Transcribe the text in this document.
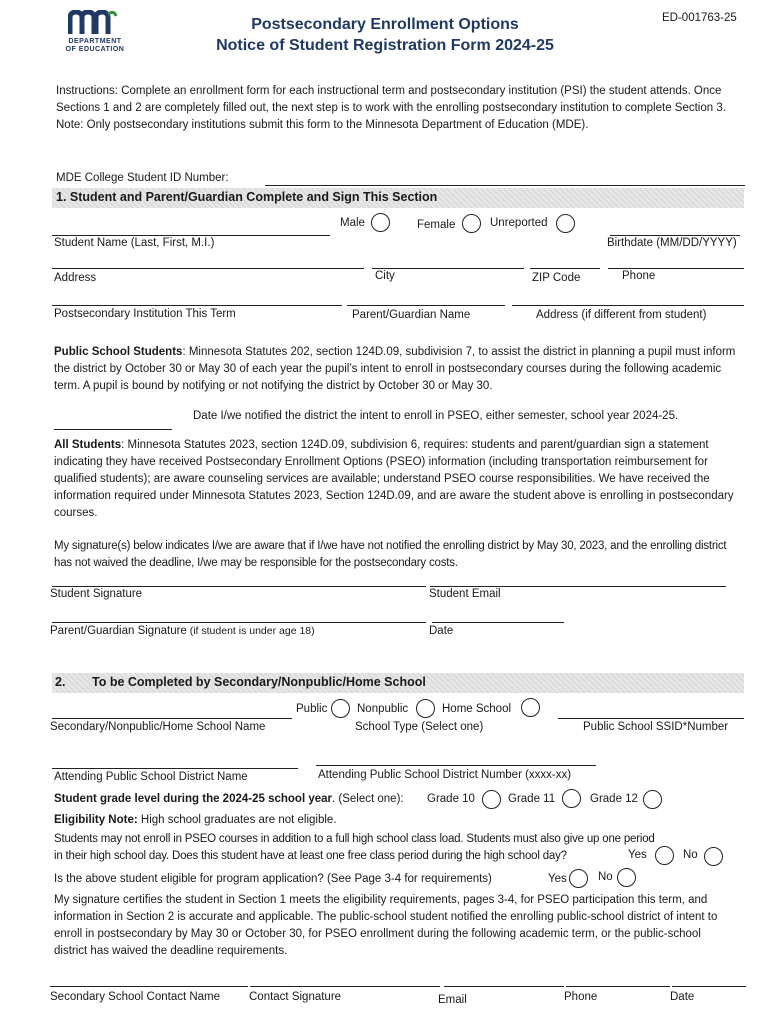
DEPARTMENT
OF EDUCATION
Postsecondary Enrollment Options
Notice of Student Registration Form 2024-25
ED-001763-25
Instructions: Complete an enrollment form for each instructional term and postsecondary institution (PSI) the student attends. Once Sections 1 and 2 are completely filled out, the next step is to work with the enrolling postsecondary institution to complete Section 3. Note: Only postsecondary institutions submit this form to the Minnesota Department of Education (MDE).
MDE College Student ID Number:
1. Student and Parent/Guardian Complete and Sign This Section
Student Name (Last, First, M.I.)
Male	Female	Unreported
Birthdate (MM/DD/YYYY)
Address	City	ZIP Code	Phone
Postsecondary Institution This Term	Parent/Guardian Name	Address (if different from student)
Public School Students: Minnesota Statutes 202, section 124D.09, subdivision 7, to assist the district in planning a pupil must inform the district by October 30 or May 30 of each year the pupil’s intent to enroll in postsecondary courses during the following academic term. A pupil is bound by notifying or not notifying the district by October 30 or May 30.
Date I/we notified the district the intent to enroll in PSEO, either semester, school year 2024-25.
All Students: Minnesota Statutes 2023, section 124D.09, subdivision 6, requires: students and parent/guardian sign a statement indicating they have received Postsecondary Enrollment Options (PSEO) information (including transportation reimbursement for qualified students); are aware counseling services are available; understand PSEO course responsibilities. We have received the information required under Minnesota Statutes 2023, Section 124D.09, and are aware the student above is enrolling in postsecondary courses.
My signature(s) below indicates I/we are aware that if I/we have not notified the enrolling district by May 30, 2023, and the enrolling district has not waived the deadline, I/we may be responsible for the postsecondary costs.
Student Signature	Student Email
Parent/Guardian Signature (if student is under age 18)	Date
2. To be Completed by Secondary/Nonpublic/Home School
Secondary/Nonpublic/Home School Name
Public	Nonpublic	Home School
School Type (Select one)	Public School SSID*Number
Attending Public School District Name	Attending Public School District Number (xxxx-xx)
Student grade level during the 2024-25 school year. (Select one): Grade 10	Grade 11	Grade 12
Eligibility Note: High school graduates are not eligible.
Students may not enroll in PSEO courses in addition to a full high school class load. Students must also give up one period in their high school day. Does this student have at least one free class period during the high school day?	Yes	No
Is the above student eligible for program application? (See Page 3-4 for requirements)	Yes	No
My signature certifies the student in Section 1 meets the eligibility requirements, pages 3-4, for PSEO participation this term, and information in Section 2 is accurate and applicable. The public-school student notified the enrolling public-school district of intent to enroll in postsecondary by May 30 or October 30, for PSEO enrollment during the following academic term, or the public-school district has waived the deadline requirements.
Secondary School Contact Name	Contact Signature	Email	Phone	Date
